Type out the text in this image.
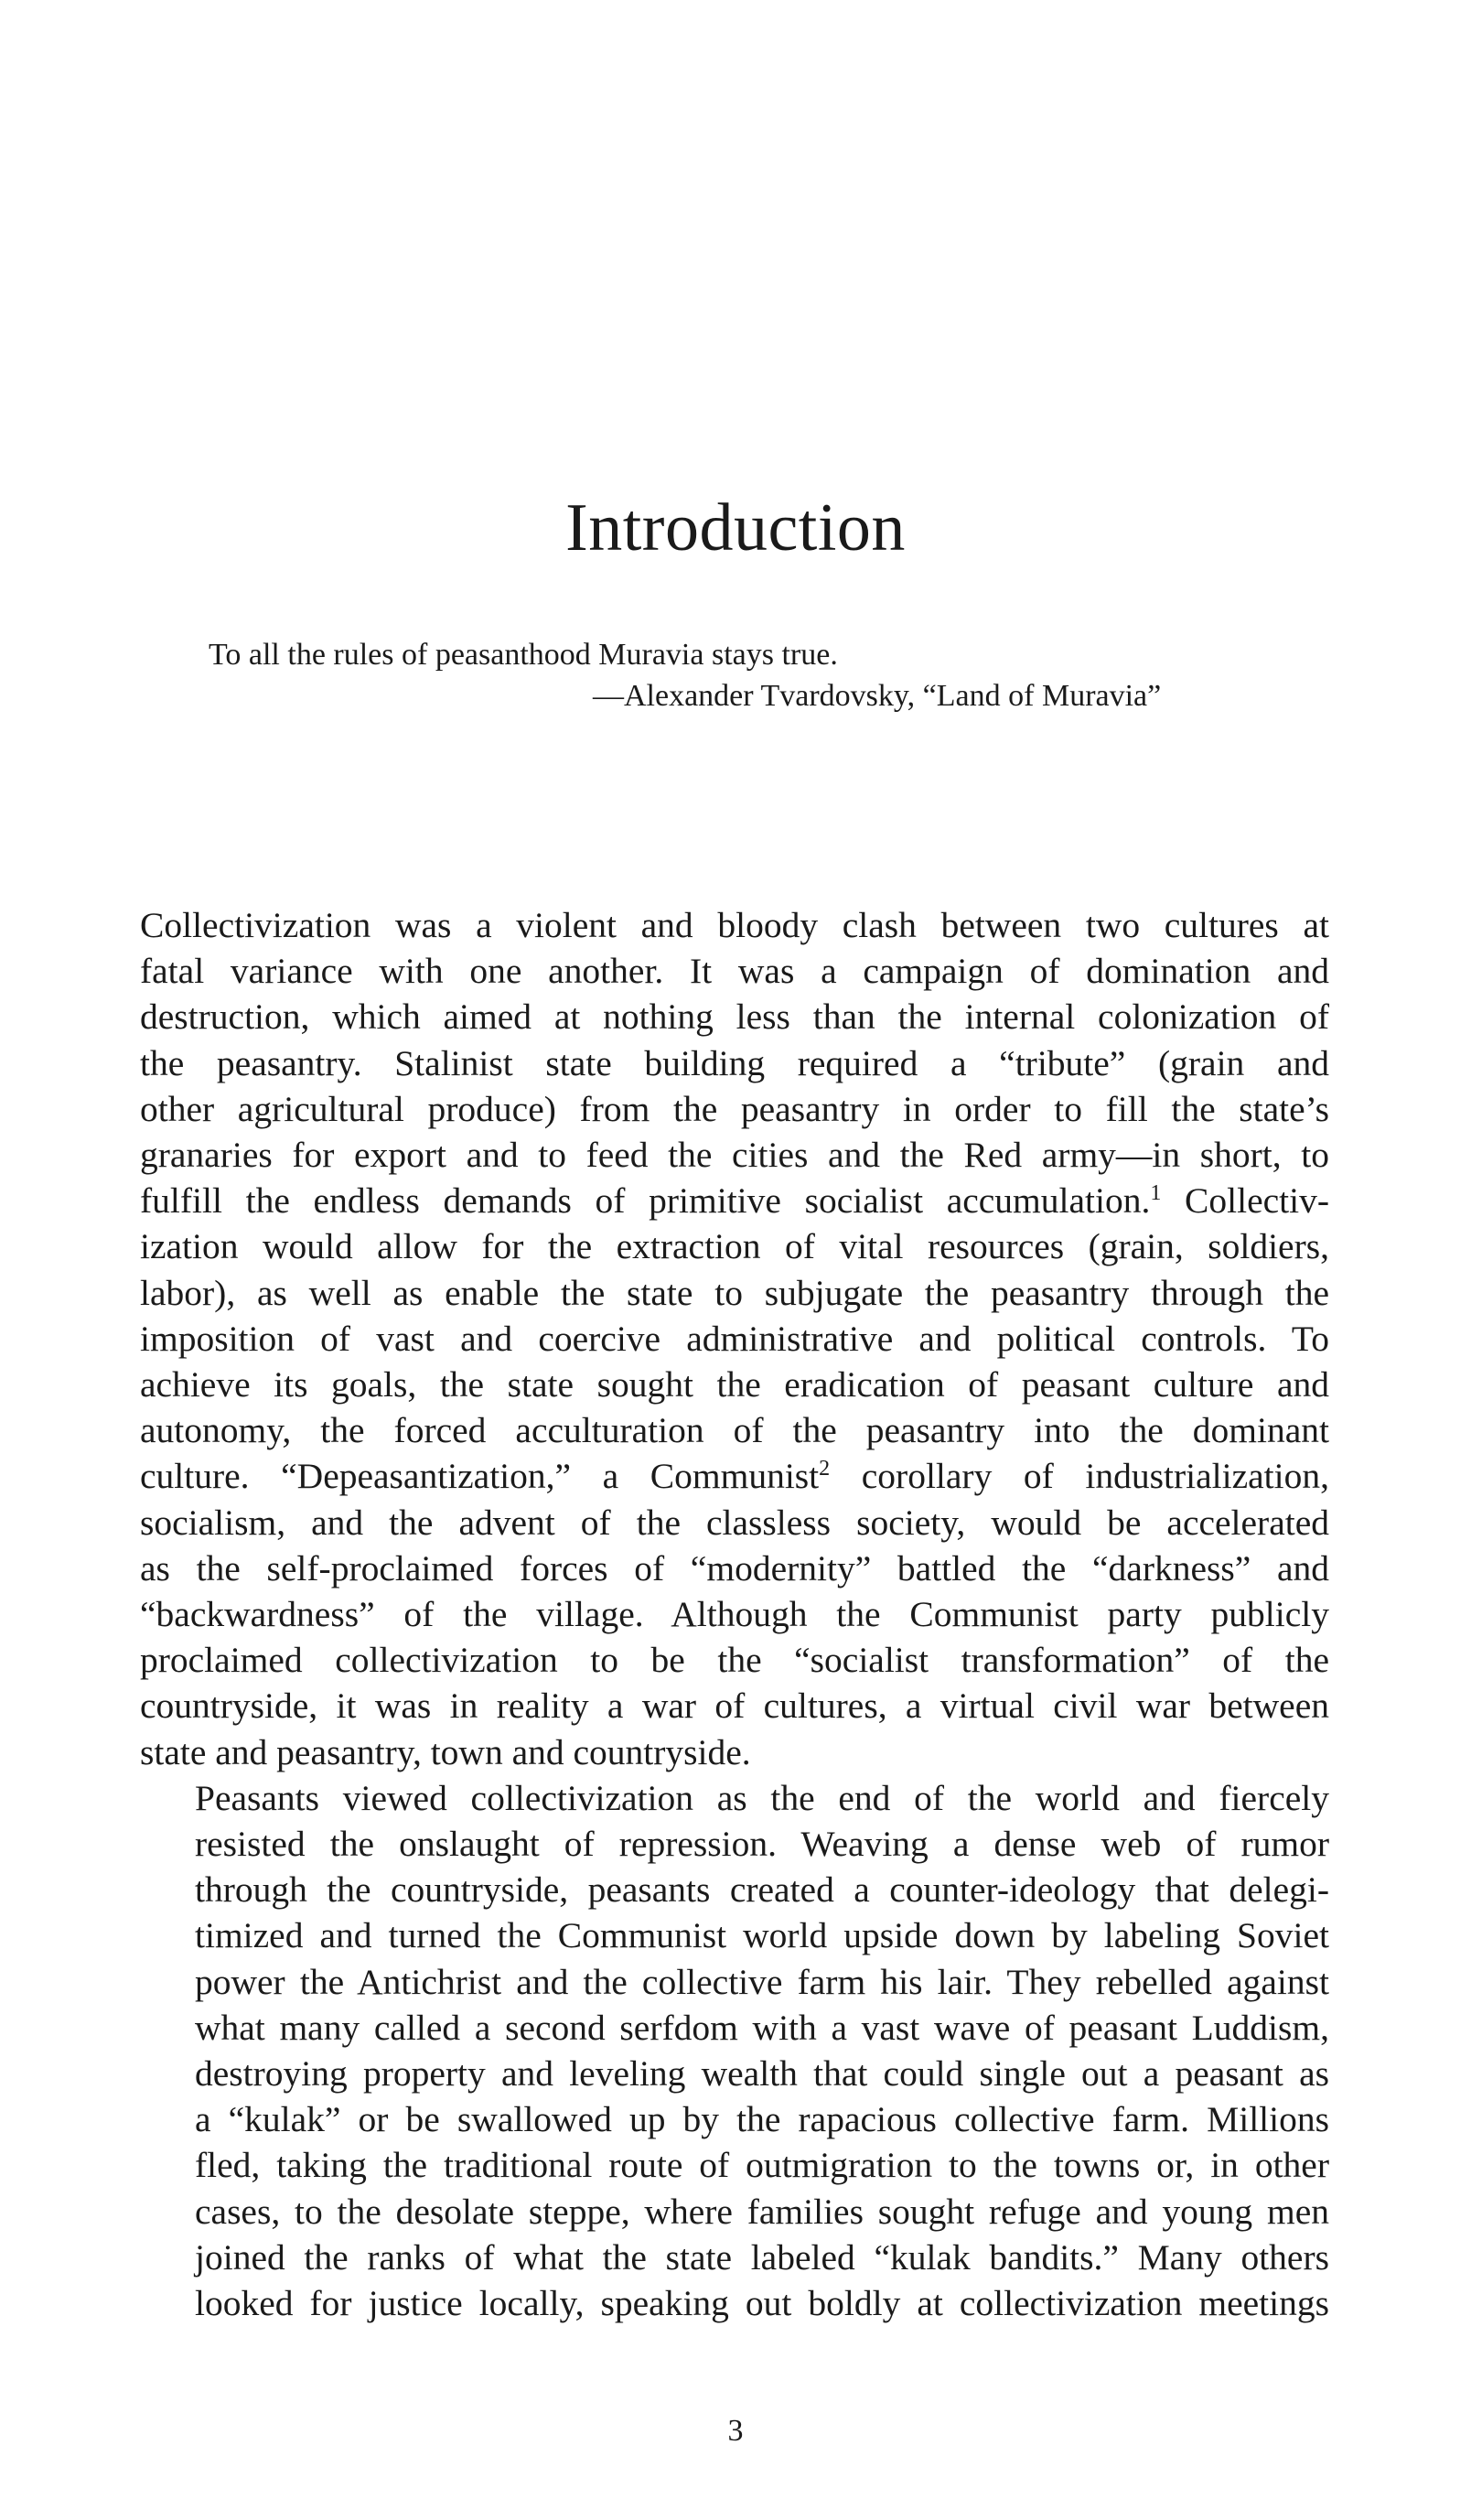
Introduction
To all the rules of peasanthood Muravia stays true.
—Alexander Tvardovsky, “Land of Muravia”

Collectivization was a violent and bloody clash between two cultures at
fatal variance with one another. It was a campaign of domination and
destruction, which aimed at nothing less than the internal colonization of
the peasantry. Stalinist state building required a “tribute” (grain and
other agricultural produce) from the peasantry in order to fill the state’s
granaries for export and to feed the cities and the Red army—in short, to
fulfill the endless demands of primitive socialist accumulation.$^1$ Collectiv-
ization would allow for the extraction of vital resources (grain, soldiers,
labor), as well as enable the state to subjugate the peasantry through the
imposition of vast and coercive administrative and political controls. To
achieve its goals, the state sought the eradication of peasant culture and
autonomy, the forced acculturation of the peasantry into the dominant
culture. “Depeasantization,” a Communist$^2$ corollary of industrialization,
socialism, and the advent of the classless society, would be accelerated
as the self-proclaimed forces of “modernity” battled the “darkness” and
“backwardness” of the village. Although the Communist party publicly
proclaimed collectivization to be the “socialist transformation” of the
countryside, it was in reality a war of cultures, a virtual civil war between
state and peasantry, town and countryside.

Peasants viewed collectivization as the end of the world and fiercely
resisted the onslaught of repression. Weaving a dense web of rumor
through the countryside, peasants created a counter-ideology that delegi-
timized and turned the Communist world upside down by labeling Soviet
power the Antichrist and the collective farm his lair. They rebelled against
what many called a second serfdom with a vast wave of peasant Luddism,
destroying property and leveling wealth that could single out a peasant as
a “kulak” or be swallowed up by the rapacious collective farm. Millions
fled, taking the traditional route of outmigration to the towns or, in other
cases, to the desolate steppe, where families sought refuge and young men
joined the ranks of what the state labeled “kulak bandits.” Many others
looked for justice locally, speaking out boldly at collectivization meetings

3
